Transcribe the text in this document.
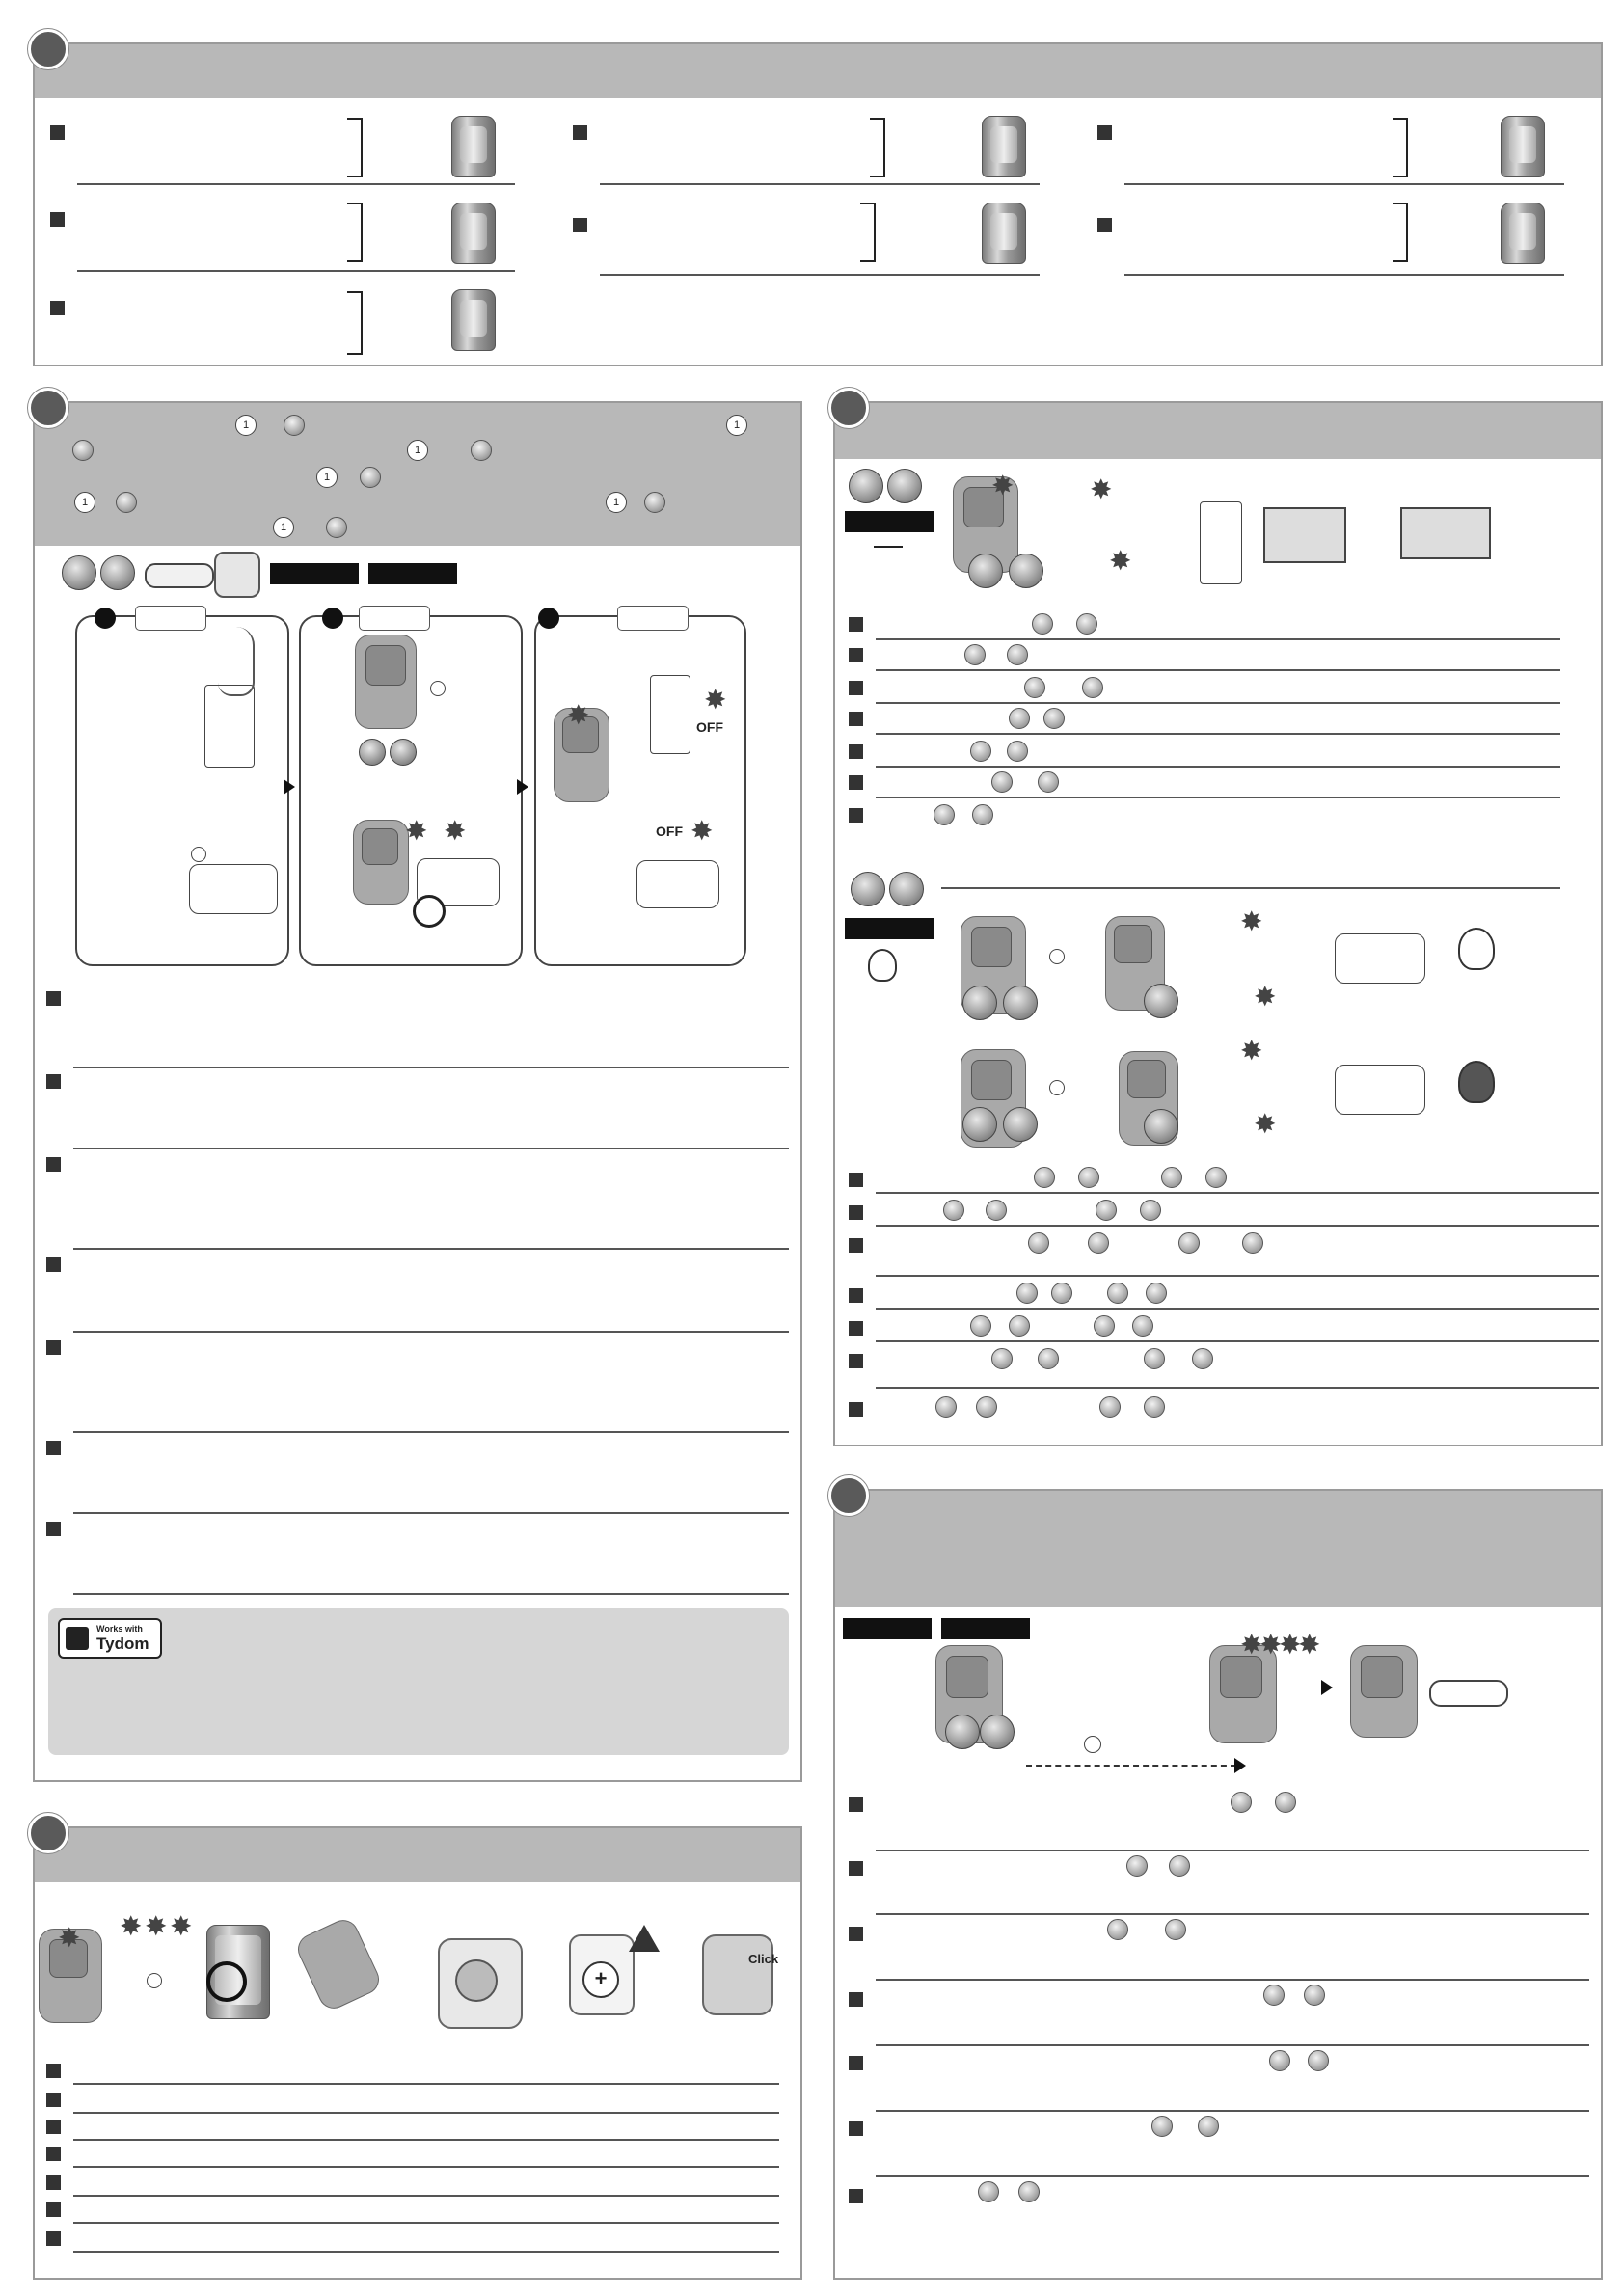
1	1
1
1
1	1
1
✸ ✸
✸
✸
OFF
OFF ✸
Works with
Tydom
✸	✸
✸
✸
✸
✸
✸
✸ ✸ ✸ ✸
+
Click
✸
✸
✸
✸
